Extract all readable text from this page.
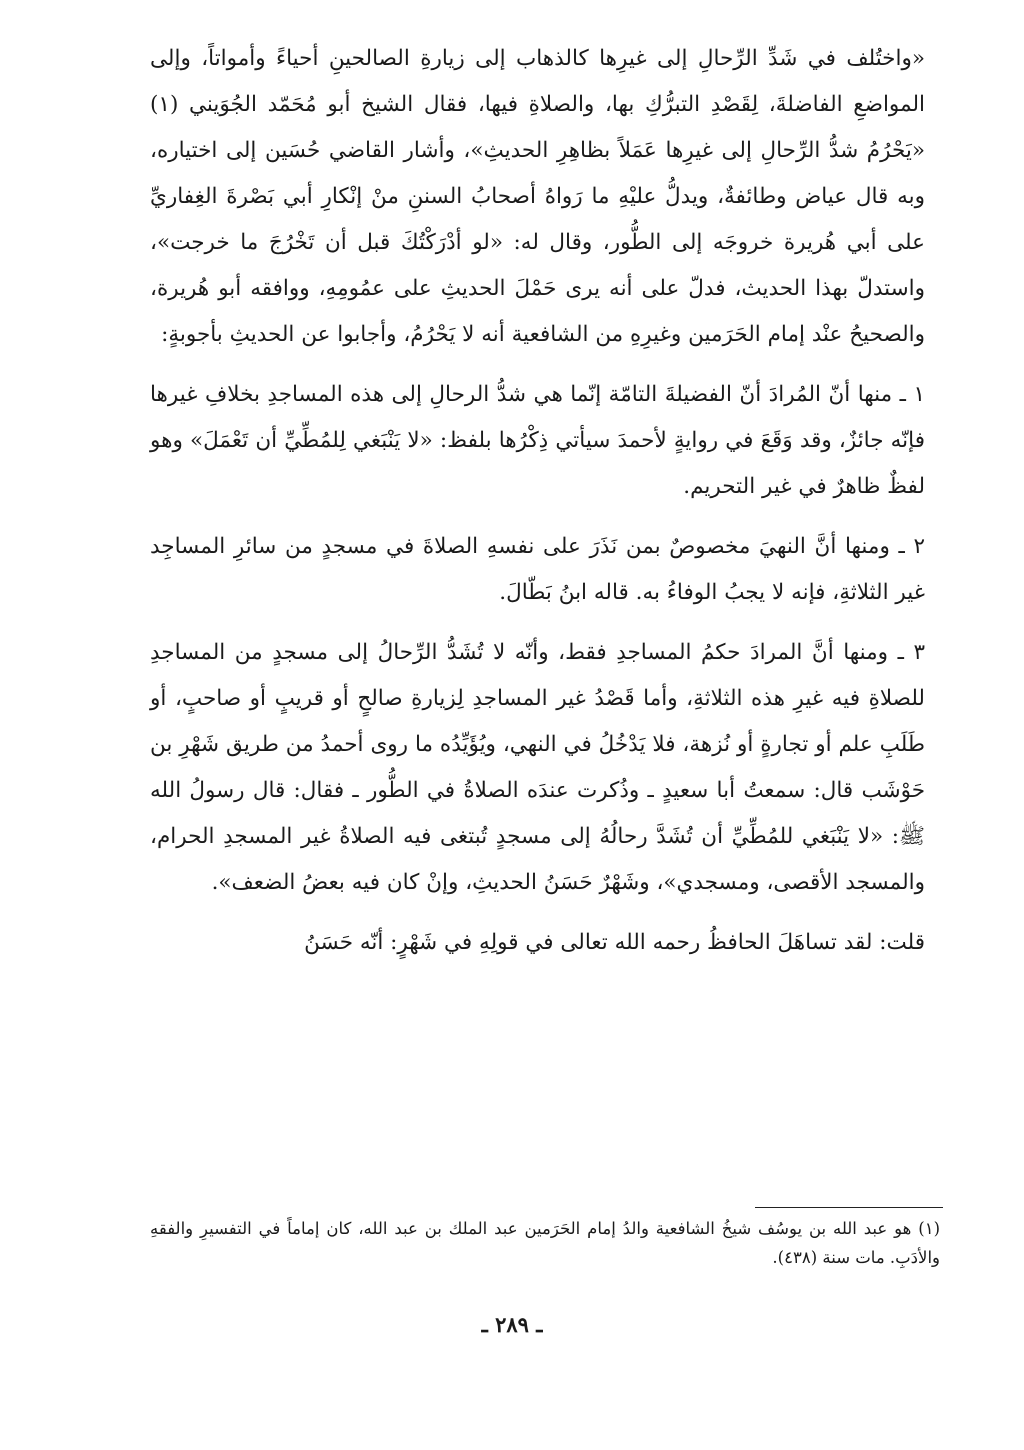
«واختُلف في شَدِّ الرِّحالِ إلى غيرِها كالذهاب إلى زيارةِ الصالحينِ أحياءً وأمواتاً، وإلى المواضعِ الفاضلةَ، لِقَصْدِ التبرُّكِ بها، والصلاةِ فيها، فقال الشيخ أبو مُحَمّد الجُوَيني (١) «يَحْرُمُ شدُّ الرِّحالِ إلى غيرِها عَمَلاً بظاهِرِ الحديثِ»، وأشار القاضي حُسَين إلى اختياره، وبه قال عياض وطائفةٌ، ويدلُّ عليْهِ ما رَواهُ أصحابُ السننِ منْ إنْكارِ أبي بَصْرةَ الغِفاريِّ على أبي هُريرة خروجَه إلى الطُّور، وقال له: «لو أدْرَكْتُكَ قبل أن تَخْرُجَ ما خرجت»، واستدلّ بهذا الحديث، فدلّ على أنه يرى حَمْلَ الحديثِ على عمُومِهِ، ووافقه أبو هُريرة، والصحيحُ عنْد إمام الحَرَمين وغيرِهِ من الشافعية أنه لا يَحْرُمُ، وأجابوا عن الحديثِ بأجوبةٍ:

١ ـ منها أنّ المُرادَ أنّ الفضيلةَ التامّة إنّما هي شدُّ الرحالِ إلى هذه المساجدِ بخلافِ غيرها فإنّه جائزٌ، وقد وَقَعَ في روايةٍ لأحمدَ سيأتي ذِكْرُها بلفظ: «لا يَنْبَغي لِلمُطِّيِّ أن تَعْمَلَ» وهو لفظٌ ظاهرٌ في غير التحريم.

٢ ـ ومنها أنَّ النهيَ مخصوصٌ بمن نَذَرَ على نفسهِ الصلاةَ في مسجدٍ من سائرِ المساجِد غير الثلاثةِ، فإنه لا يجبُ الوفاءُ به. قاله ابنُ بَطّالَ.

٣ ـ ومنها أنَّ المرادَ حكمُ المساجدِ فقط، وأنّه لا تُشَدُّ الرِّحالُ إلى مسجدٍ من المساجدِ للصلاةِ فيه غيرِ هذه الثلاثةِ، وأما قَصْدُ غير المساجدِ لِزيارةِ صالحٍ أو قريبٍ أو صاحبٍ، أو طَلَبِ علم أو تجارةٍ أو نُزهة، فلا يَدْخُلُ في النهي، ويُؤَيِّدُه ما روى أحمدُ من طريق شَهْرِ بن حَوْشَب قال: سمعتُ أبا سعيدٍ ـ وذُكرت عندَه الصلاةُ في الطُّور ـ فقال: قال رسولُ الله ﷺ: «لا يَنْبَغي للمُطِّيِّ أن تُشَدَّ رحالُهُ إلى مسجدٍ تُبتغى فيه الصلاةُ غير المسجدِ الحرام، والمسجد الأقصى، ومسجدي»، وشَهْرٌ حَسَنُ الحديثِ، وإنْ كان فيه بعضُ الضعف».

قلت: لقد تساهَلَ الحافظُ رحمه الله تعالى في قولِهِ في شَهْرٍ: أنّه حَسَنُ

(١) هو عبد الله بن يوسُف شيخُ الشافعية والدُ إمام الحَرَمين عبد الملك بن عبد الله، كان إماماً في التفسيرِ والفقهِ والأدَبِ. مات سنة (٤٣٨).
ـ ٢٨٩ ـ
